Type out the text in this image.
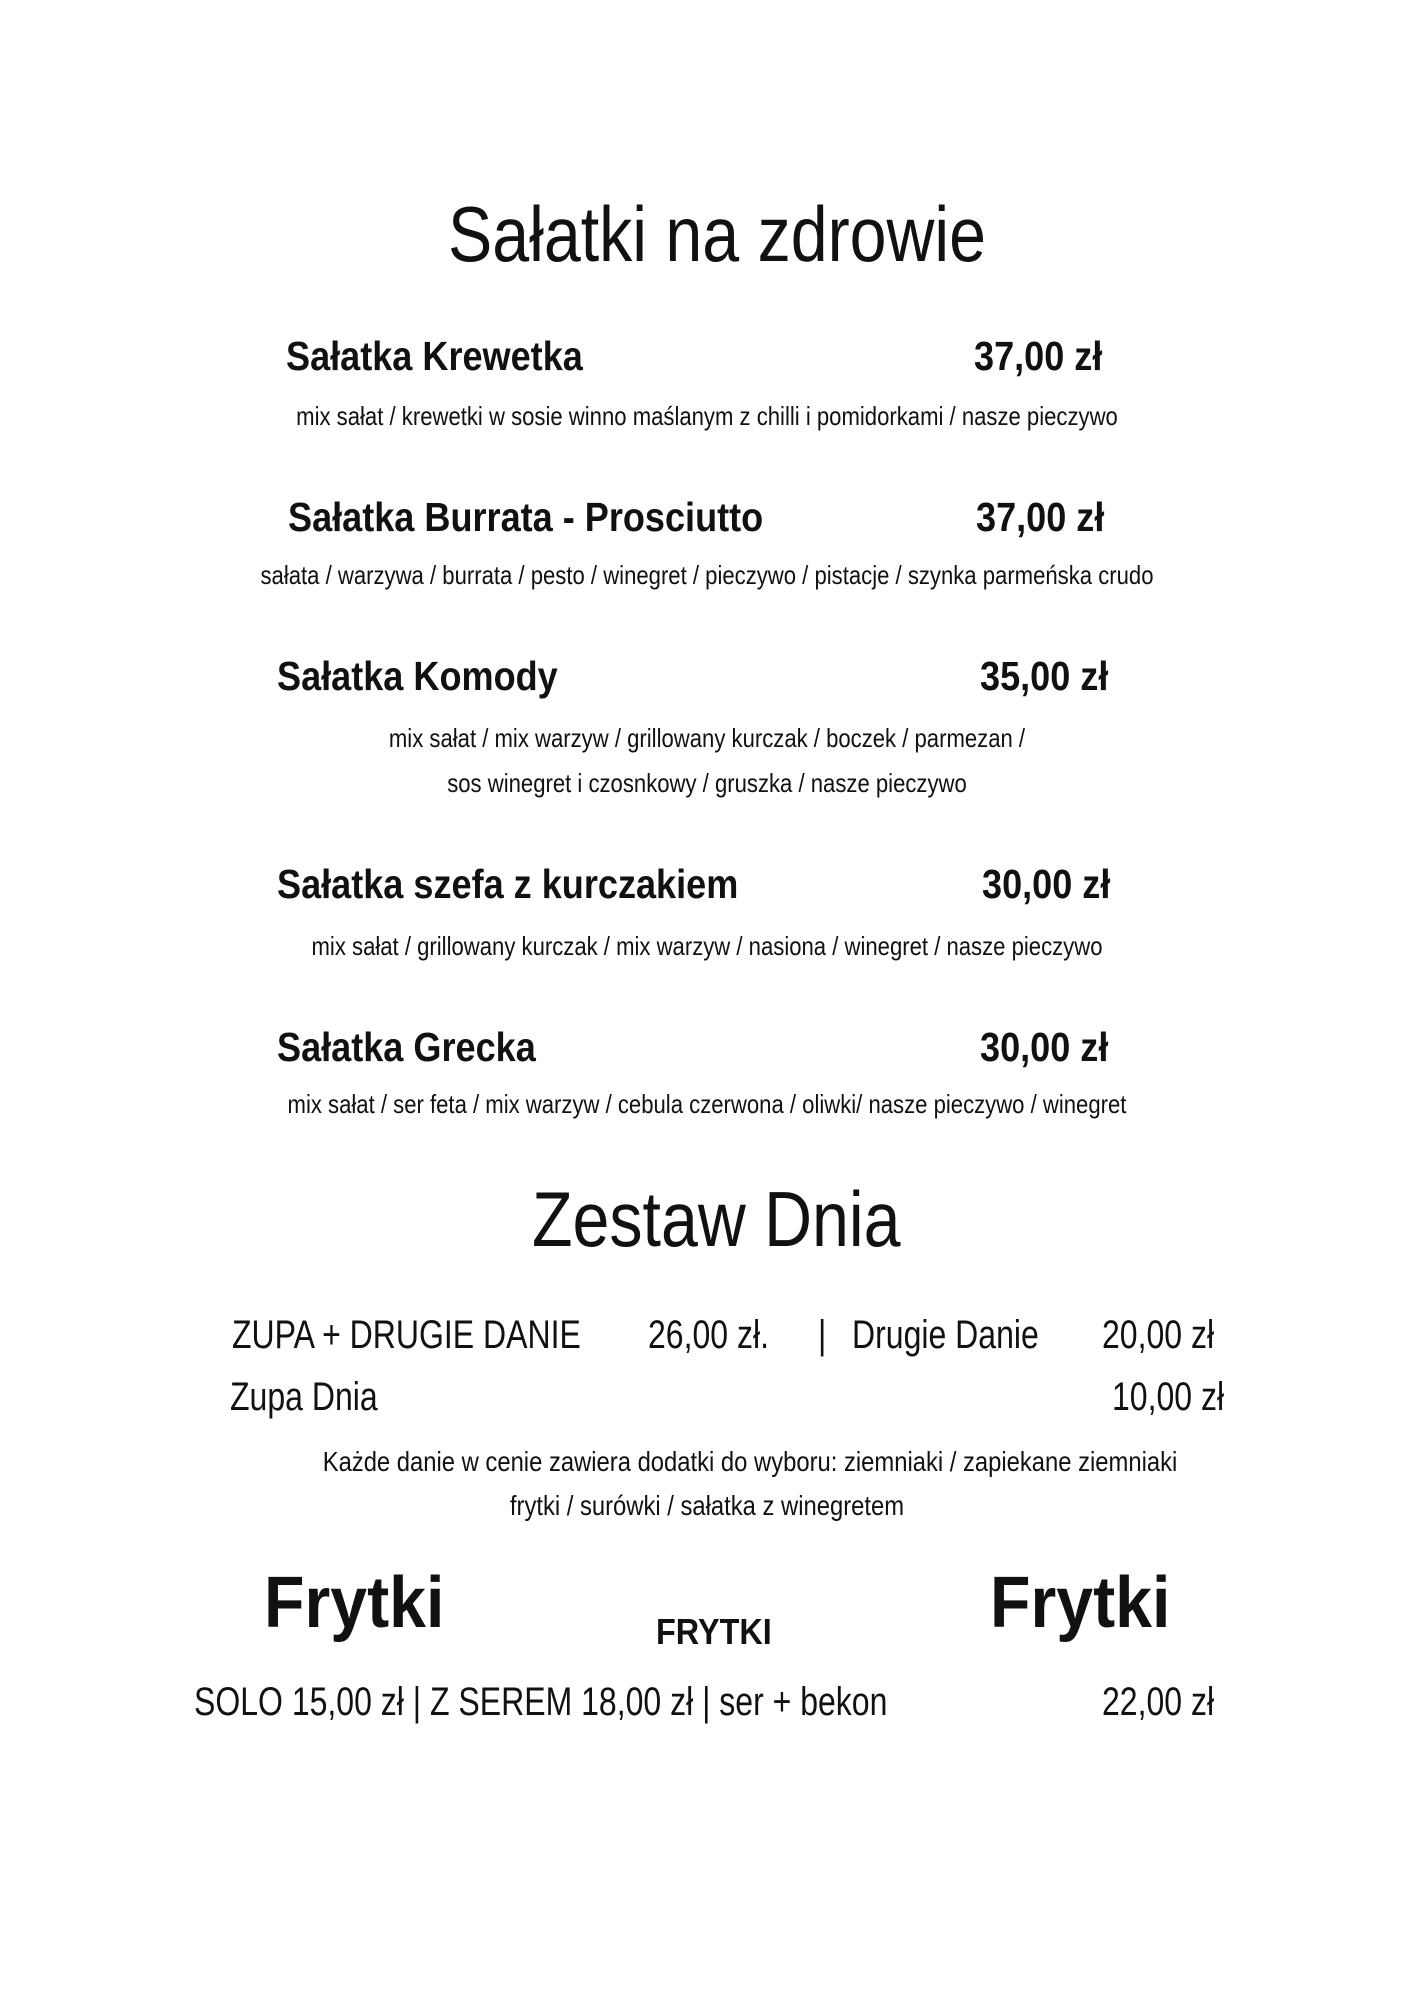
Sałatki na zdrowie
Sałatka Krewetka	37,00 zł
mix sałat / krewetki w sosie winno maślanym z chilli i pomidorkami / nasze pieczywo
Sałatka Burrata - Prosciutto	37,00 zł
sałata / warzywa / burrata / pesto / winegret / pieczywo / pistacje / szynka parmeńska crudo
Sałatka Komody	35,00 zł
mix sałat / mix warzyw / grillowany kurczak / boczek / parmezan /
sos winegret i czosnkowy / gruszka / nasze pieczywo
Sałatka szefa z kurczakiem	30,00 zł
mix sałat / grillowany kurczak / mix warzyw / nasiona / winegret / nasze pieczywo
Sałatka Grecka	30,00 zł
mix sałat / ser feta / mix warzyw / cebula czerwona / oliwki/ nasze pieczywo / winegret
Zestaw Dnia
ZUPA + DRUGIE DANIE 26,00 zł. | Drugie Danie 20,00 zł
Zupa Dnia	10,00 zł
Każde danie w cenie zawiera dodatki do wyboru: ziemniaki / zapiekane ziemniaki
frytki / surówki / sałatka z winegretem
Frytki	FRYTKI	Frytki
SOLO 15,00 zł | Z SEREM 18,00 zł | ser + bekon	22,00 zł
